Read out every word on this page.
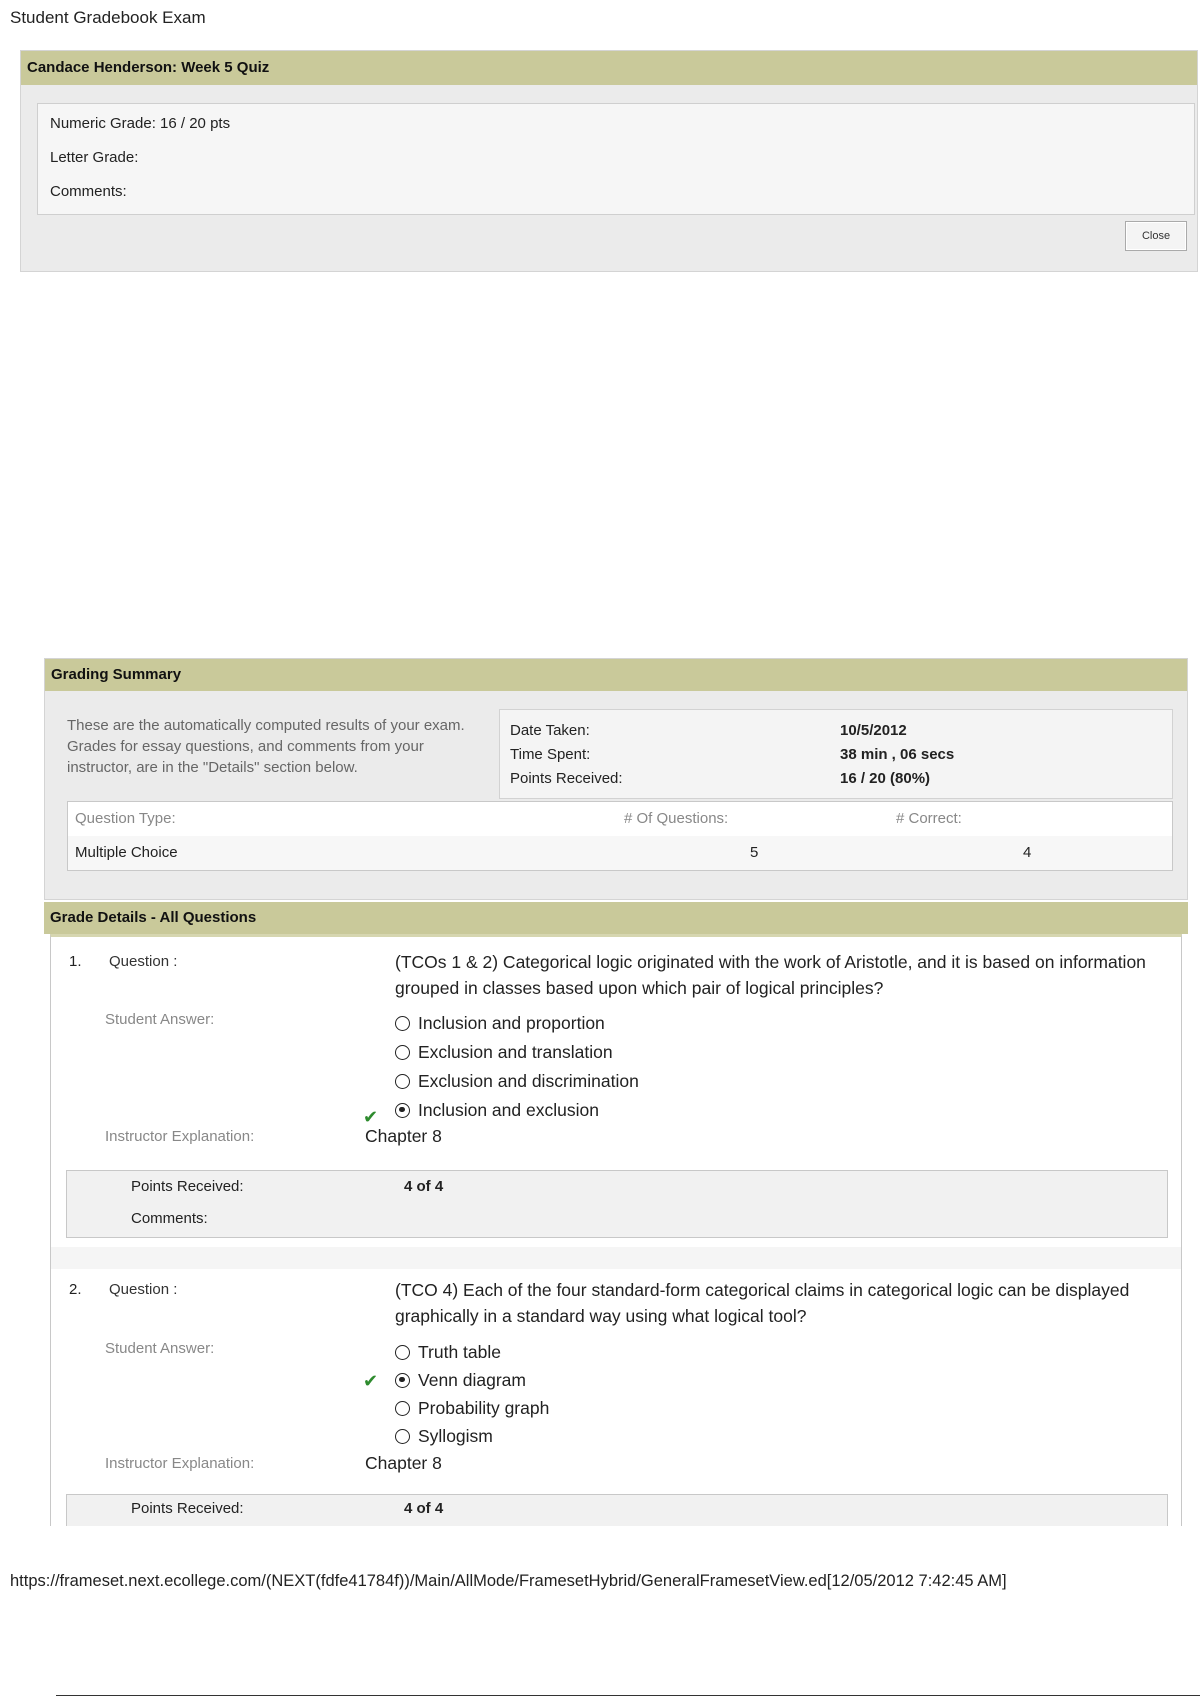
Student Gradebook Exam
Candace Henderson: Week 5 Quiz
Numeric Grade: 16 / 20 pts
Letter Grade:
Comments:
Close
Grading Summary
These are the automatically computed results of your exam. Grades for essay questions, and comments from your instructor, are in the "Details" section below.
Date Taken:	10/5/2012
Time Spent:	38 min , 06 secs
Points Received:	16 / 20 (80%)
Question Type:	# Of Questions:	# Correct:
Multiple Choice	5	4
Grade Details - All Questions
1. Question :	(TCOs 1 & 2) Categorical logic originated with the work of Aristotle, and it is based on information grouped in classes based upon which pair of logical principles?
Student Answer:	Inclusion and proportion
Exclusion and translation
Exclusion and discrimination
Inclusion and exclusion
✔
Instructor Explanation:	Chapter 8
Points Received:	4 of 4
Comments:
2. Question :	(TCO 4) Each of the four standard-form categorical claims in categorical logic can be displayed graphically in a standard way using what logical tool?
Student Answer:	Truth table
Venn diagram
✔
Probability graph
Syllogism
Instructor Explanation:	Chapter 8
Points Received:	4 of 4
https://frameset.next.ecollege.com/(NEXT(fdfe41784f))/Main/AllMode/FramesetHybrid/GeneralFramesetView.ed[12/05/2012 7:42:45 AM]
